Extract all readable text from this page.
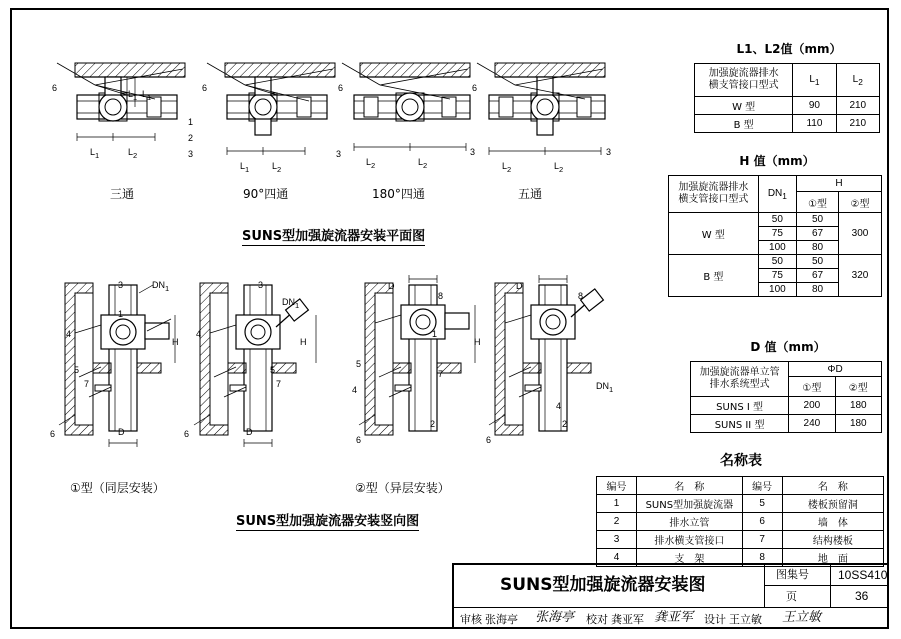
6
1
2
3
$L_1$	$L_2$
$L_1$ $L_1$
6
3
$L_1$	$L_2$
6
3
$L_2$	$L_2$
6
3
$L_2$	$L_2$
三通	90°四通	180°四通	五通
SUNS型加强旋流器安装平面图
3	$DN_1$
1
4
5
7
6
H
D
3
$DN_1$
4
5
7
6
H
D
D
8
1
7
5
4
2
6
H
D
8
$DN_1$
2
6
4
①型（同层安装）	②型（异层安装）
SUNS型加强旋流器安装竖向图
L1、L2值（mm）
加强旋流器排水
横支管接口型式	$L_1$	$L_2$
W 型	90	210
B 型	110	210
H 值（mm）
加强旋流器排水
横支管接口型式	$DN_1$	H	
		①型	②型
W 型	50	50	300
	75	67	
	100	80	
B 型	50	50	320
	75	67	
	100	80	
D 值（mm）
加强旋流器单立管
排水系统型式	ΦD	
	①型	②型
SUNS I 型	200	180
SUNS II 型	240	180
名称表
编号	名　称	编号	名　称
1	SUNS型加强旋流器	5	楼板预留洞
2	排水立管	6	墙　体
3	排水横支管接口	7	结构楼板
4	支　架	8	地　面
SUNS型加强旋流器安装图
图集号 10SS410
页	36
审核 张海亭 张海亭 校对 龚亚军 龚亚军 设计 王立敏 王立敏
